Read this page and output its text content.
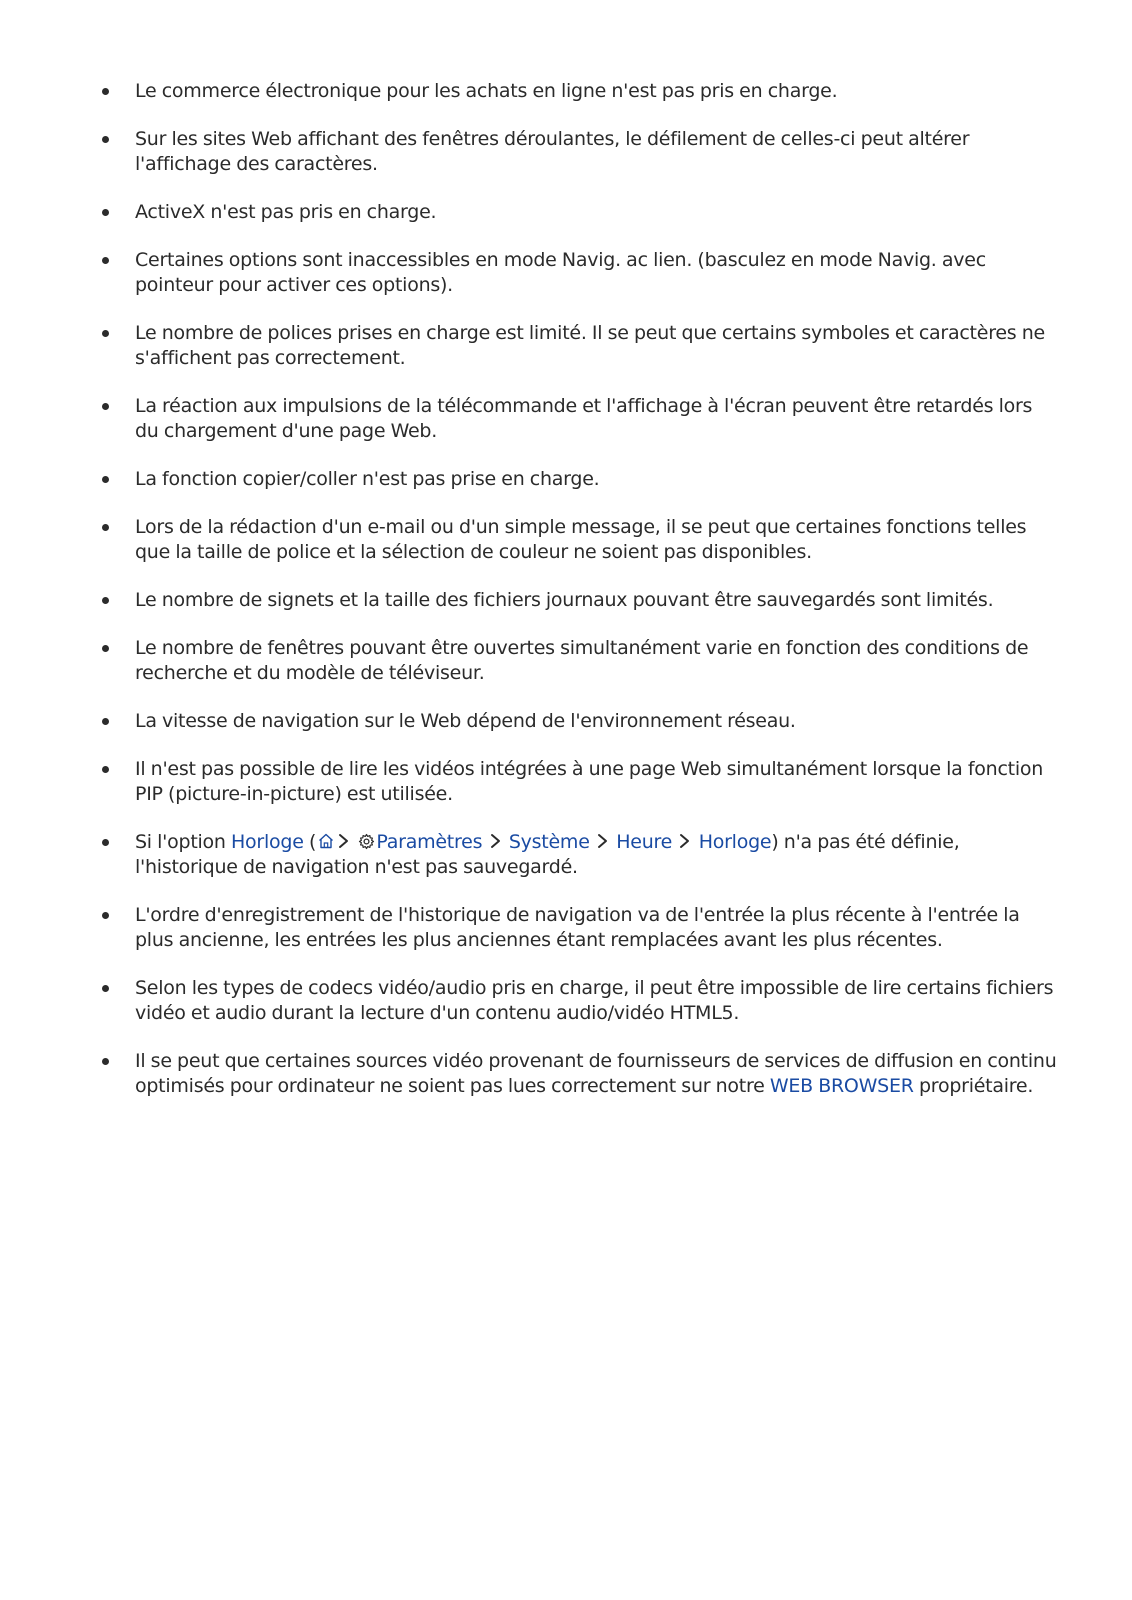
Le commerce électronique pour les achats en ligne n'est pas pris en charge.
Sur les sites Web affichant des fenêtres déroulantes, le défilement de celles-ci peut altérer l'affichage des caractères.
ActiveX n'est pas pris en charge.
Certaines options sont inaccessibles en mode Navig. ac lien. (basculez en mode Navig. avec pointeur pour activer ces options).
Le nombre de polices prises en charge est limité. Il se peut que certains symboles et caractères ne s'affichent pas correctement.
La réaction aux impulsions de la télécommande et l'affichage à l'écran peuvent être retardés lors du chargement d'une page Web.
La fonction copier/coller n'est pas prise en charge.
Lors de la rédaction d'un e-mail ou d'un simple message, il se peut que certaines fonctions telles que la taille de police et la sélection de couleur ne soient pas disponibles.
Le nombre de signets et la taille des fichiers journaux pouvant être sauvegardés sont limités.
Le nombre de fenêtres pouvant être ouvertes simultanément varie en fonction des conditions de recherche et du modèle de téléviseur.
La vitesse de navigation sur le Web dépend de l'environnement réseau.
Il n'est pas possible de lire les vidéos intégrées à une page Web simultanément lorsque la fonction PIP (picture-in-picture) est utilisée.
Si l'option Horloge (
	Paramètres Système Heure Horloge) n'a pas été définie, l'historique de navigation n'est pas sauvegardé.
L'ordre d'enregistrement de l'historique de navigation va de l'entrée la plus récente à l'entrée la plus ancienne, les entrées les plus anciennes étant remplacées avant les plus récentes.
Selon les types de codecs vidéo/audio pris en charge, il peut être impossible de lire certains fichiers vidéo et audio durant la lecture d'un contenu audio/vidéo HTML5.
Il se peut que certaines sources vidéo provenant de fournisseurs de services de diffusion en continu optimisés pour ordinateur ne soient pas lues correctement sur notre WEB BROWSER propriétaire.
